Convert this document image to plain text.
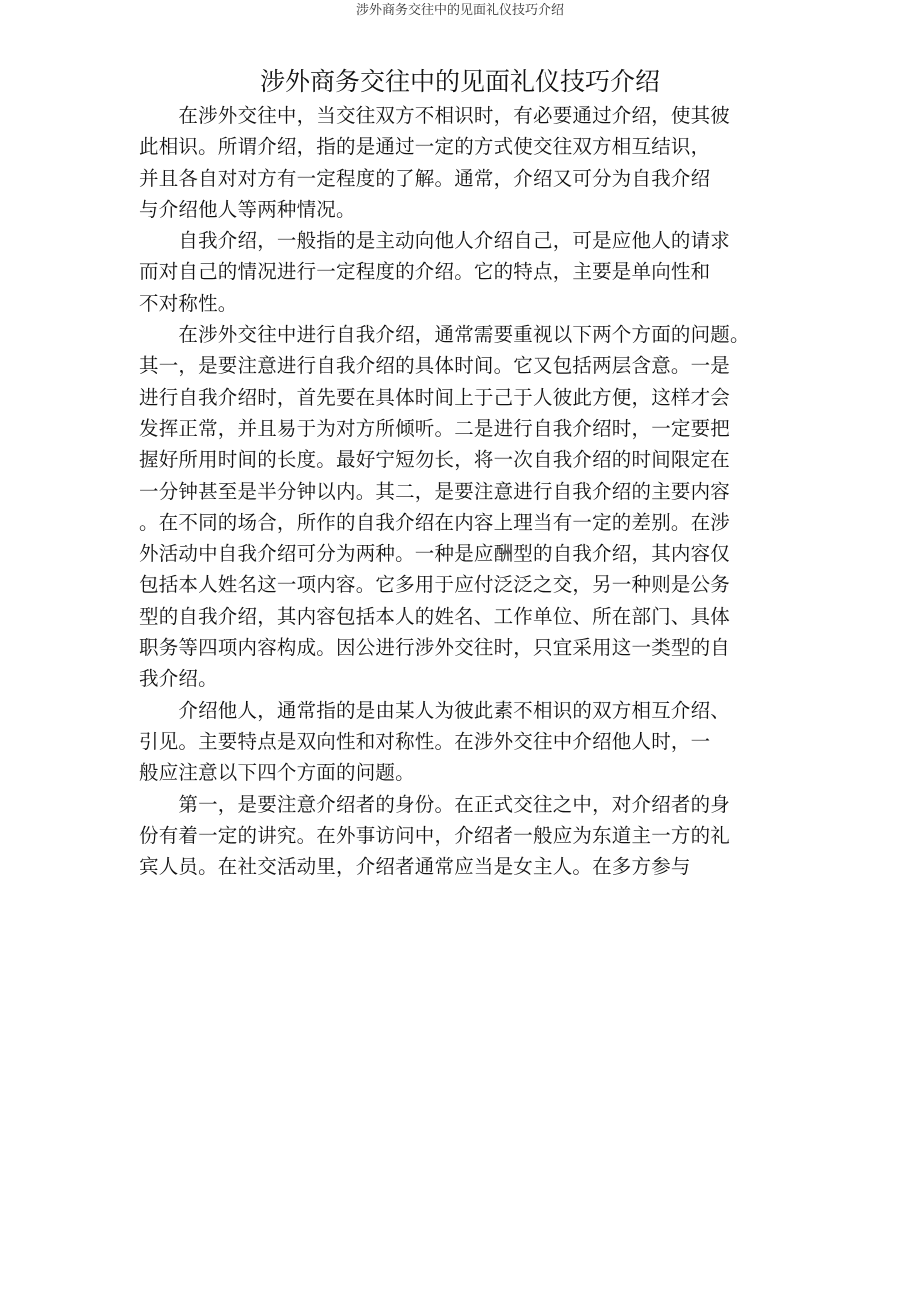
涉外商务交往中的见面礼仪技巧介绍
涉外商务交往中的见面礼仪技巧介绍
　　在涉外交往中，当交往双方不相识时，有必要通过介绍，使其彼
此相识。所谓介绍，指的是通过一定的方式使交往双方相互结识，
并且各自对对方有一定程度的了解。通常，介绍又可分为自我介绍
与介绍他人等两种情况。
　　自我介绍，一般指的是主动向他人介绍自己，可是应他人的请求
而对自己的情况进行一定程度的介绍。它的特点，主要是单向性和
不对称性。
　　在涉外交往中进行自我介绍，通常需要重视以下两个方面的问题。
其一，是要注意进行自我介绍的具体时间。它又包括两层含意。一是
进行自我介绍时，首先要在具体时间上于己于人彼此方便，这样才会
发挥正常，并且易于为对方所倾听。二是进行自我介绍时，一定要把
握好所用时间的长度。最好宁短勿长，将一次自我介绍的时间限定在
一分钟甚至是半分钟以内。其二，是要注意进行自我介绍的主要内容
。在不同的场合，所作的自我介绍在内容上理当有一定的差别。在涉
外活动中自我介绍可分为两种。一种是应酬型的自我介绍，其内容仅
包括本人姓名这一项内容。它多用于应付泛泛之交，另一种则是公务
型的自我介绍，其内容包括本人的姓名、工作单位、所在部门、具体
职务等四项内容构成。因公进行涉外交往时，只宜采用这一类型的自
我介绍。
　　介绍他人，通常指的是由某人为彼此素不相识的双方相互介绍、
引见。主要特点是双向性和对称性。在涉外交往中介绍他人时，一
般应注意以下四个方面的问题。
　　第一，是要注意介绍者的身份。在正式交往之中，对介绍者的身
份有着一定的讲究。在外事访问中，介绍者一般应为东道主一方的礼
宾人员。在社交活动里，介绍者通常应当是女主人。在多方参与
